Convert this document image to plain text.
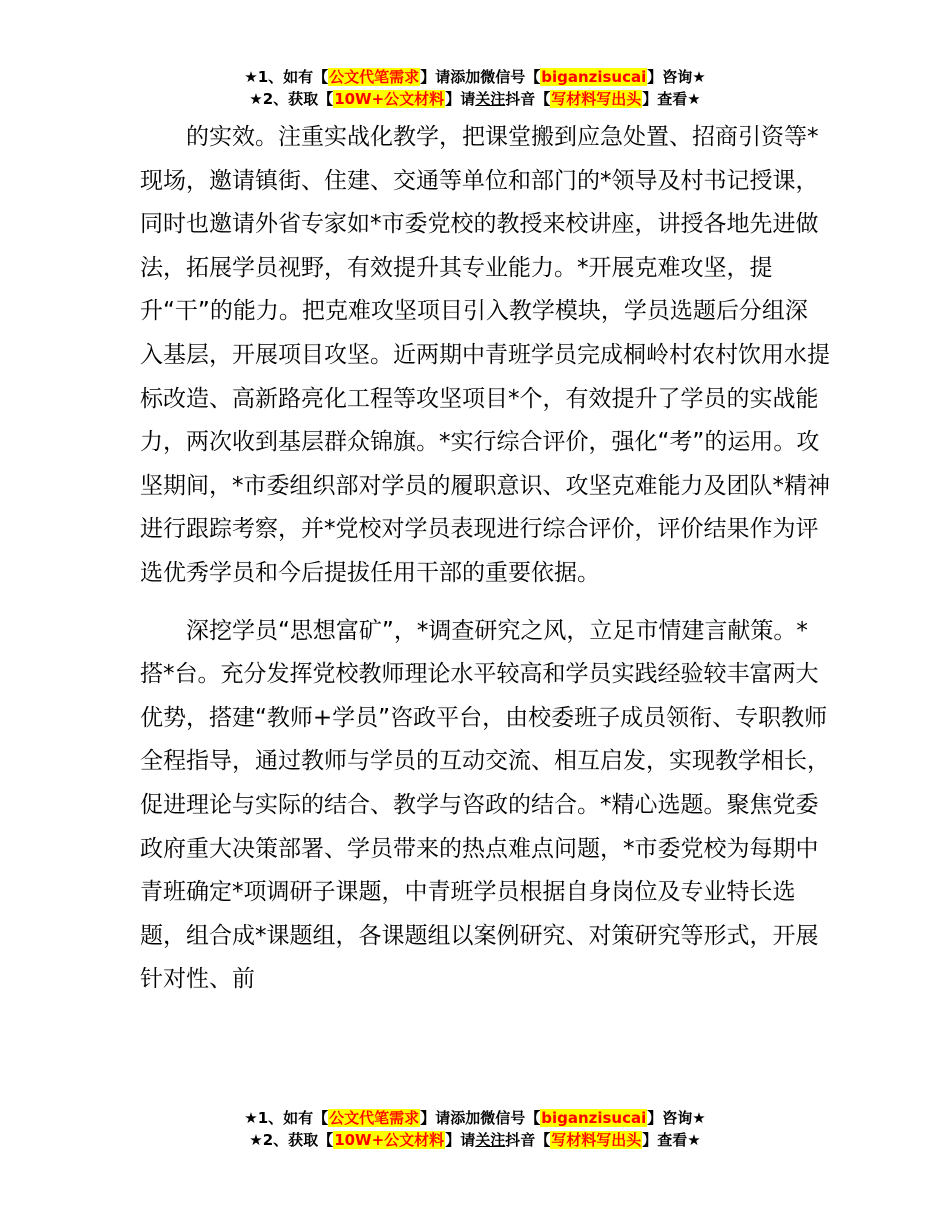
★1、如有【公文代笔需求】请添加微信号【biganzisucai】咨询★
★2、获取【10W+公文材料】请关注抖音【写材料写出头】查看★

的实效。注重实战化教学，把课堂搬到应急处置、招商引资等*现场，邀请镇街、住建、交通等单位和部门的*领导及村书记授课，同时也邀请外省专家如*市委党校的教授来校讲座，讲授各地先进做法，拓展学员视野，有效提升其专业能力。*开展克难攻坚，提升“干”的能力。把克难攻坚项目引入教学模块，学员选题后分组深入基层，开展项目攻坚。近两期中青班学员完成桐岭村农村饮用水提标改造、高新路亮化工程等攻坚项目*个，有效提升了学员的实战能力，两次收到基层群众锦旗。*实行综合评价，强化“考”的运用。攻坚期间，*市委组织部对学员的履职意识、攻坚克难能力及团队*精神进行跟踪考察，并*党校对学员表现进行综合评价，评价结果作为评选优秀学员和今后提拔任用干部的重要依据。

深挖学员“思想富矿”，*调查研究之风，立足市情建言献策。*搭*台。充分发挥党校教师理论水平较高和学员实践经验较丰富两大优势，搭建“教师+学员”咨政平台，由校委班子成员领衔、专职教师全程指导，通过教师与学员的互动交流、相互启发，实现教学相长，促进理论与实际的结合、教学与咨政的结合。*精心选题。聚焦党委政府重大决策部署、学员带来的热点难点问题，*市委党校为每期中青班确定*项调研子课题，中青班学员根据自身岗位及专业特长选题，组合成*课题组，各课题组以案例研究、对策研究等形式，开展针对性、前

★1、如有【公文代笔需求】请添加微信号【biganzisucai】咨询★
★2、获取【10W+公文材料】请关注抖音【写材料写出头】查看★
